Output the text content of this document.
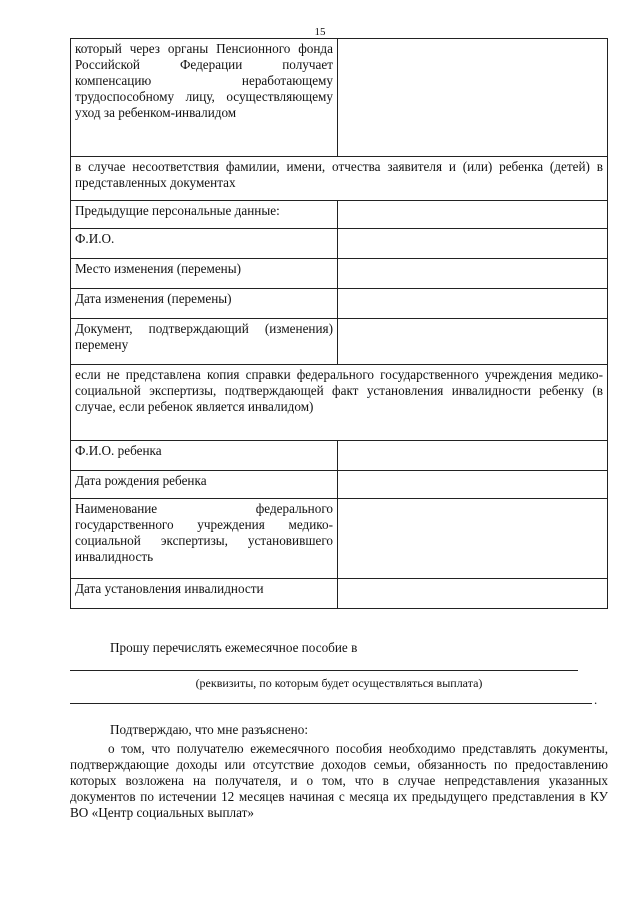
15
который через органы Пенсионного фонда Российской Федерации получает компенсацию неработающему трудоспособному лицу, осуществляющему уход за ребенком-инвалидом	
в случае несоответствия фамилии, имени, отчества заявителя и (или) ребенка (детей) в представленных документах	
Предыдущие персональные данные:	
Ф.И.О.	
Место изменения (перемены)	
Дата изменения (перемены)	
Документ, подтверждающий (изменения) перемену	
если не представлена копия справки федерального государственного учреждения медико-социальной экспертизы, подтверждающей факт установления инвалидности ребенку (в случае, если ребенок является инвалидом)	
Ф.И.О. ребенка	
Дата рождения ребенка	
Наименование федерального государственного учреждения медико-социальной экспертизы, установившего инвалидность	
Дата установления инвалидности	
Прошу перечислять ежемесячное пособие в
(реквизиты, по которым будет осуществляться выплата)
.
Подтверждаю, что мне разъяснено:
о том, что получателю ежемесячного пособия необходимо представлять документы, подтверждающие доходы или отсутствие доходов семьи, обязанность по предоставлению которых возложена на получателя, и о том, что в случае непредставления указанных документов по истечении 12 месяцев начиная с месяца их предыдущего представления в КУ ВО «Центр социальных выплат»
